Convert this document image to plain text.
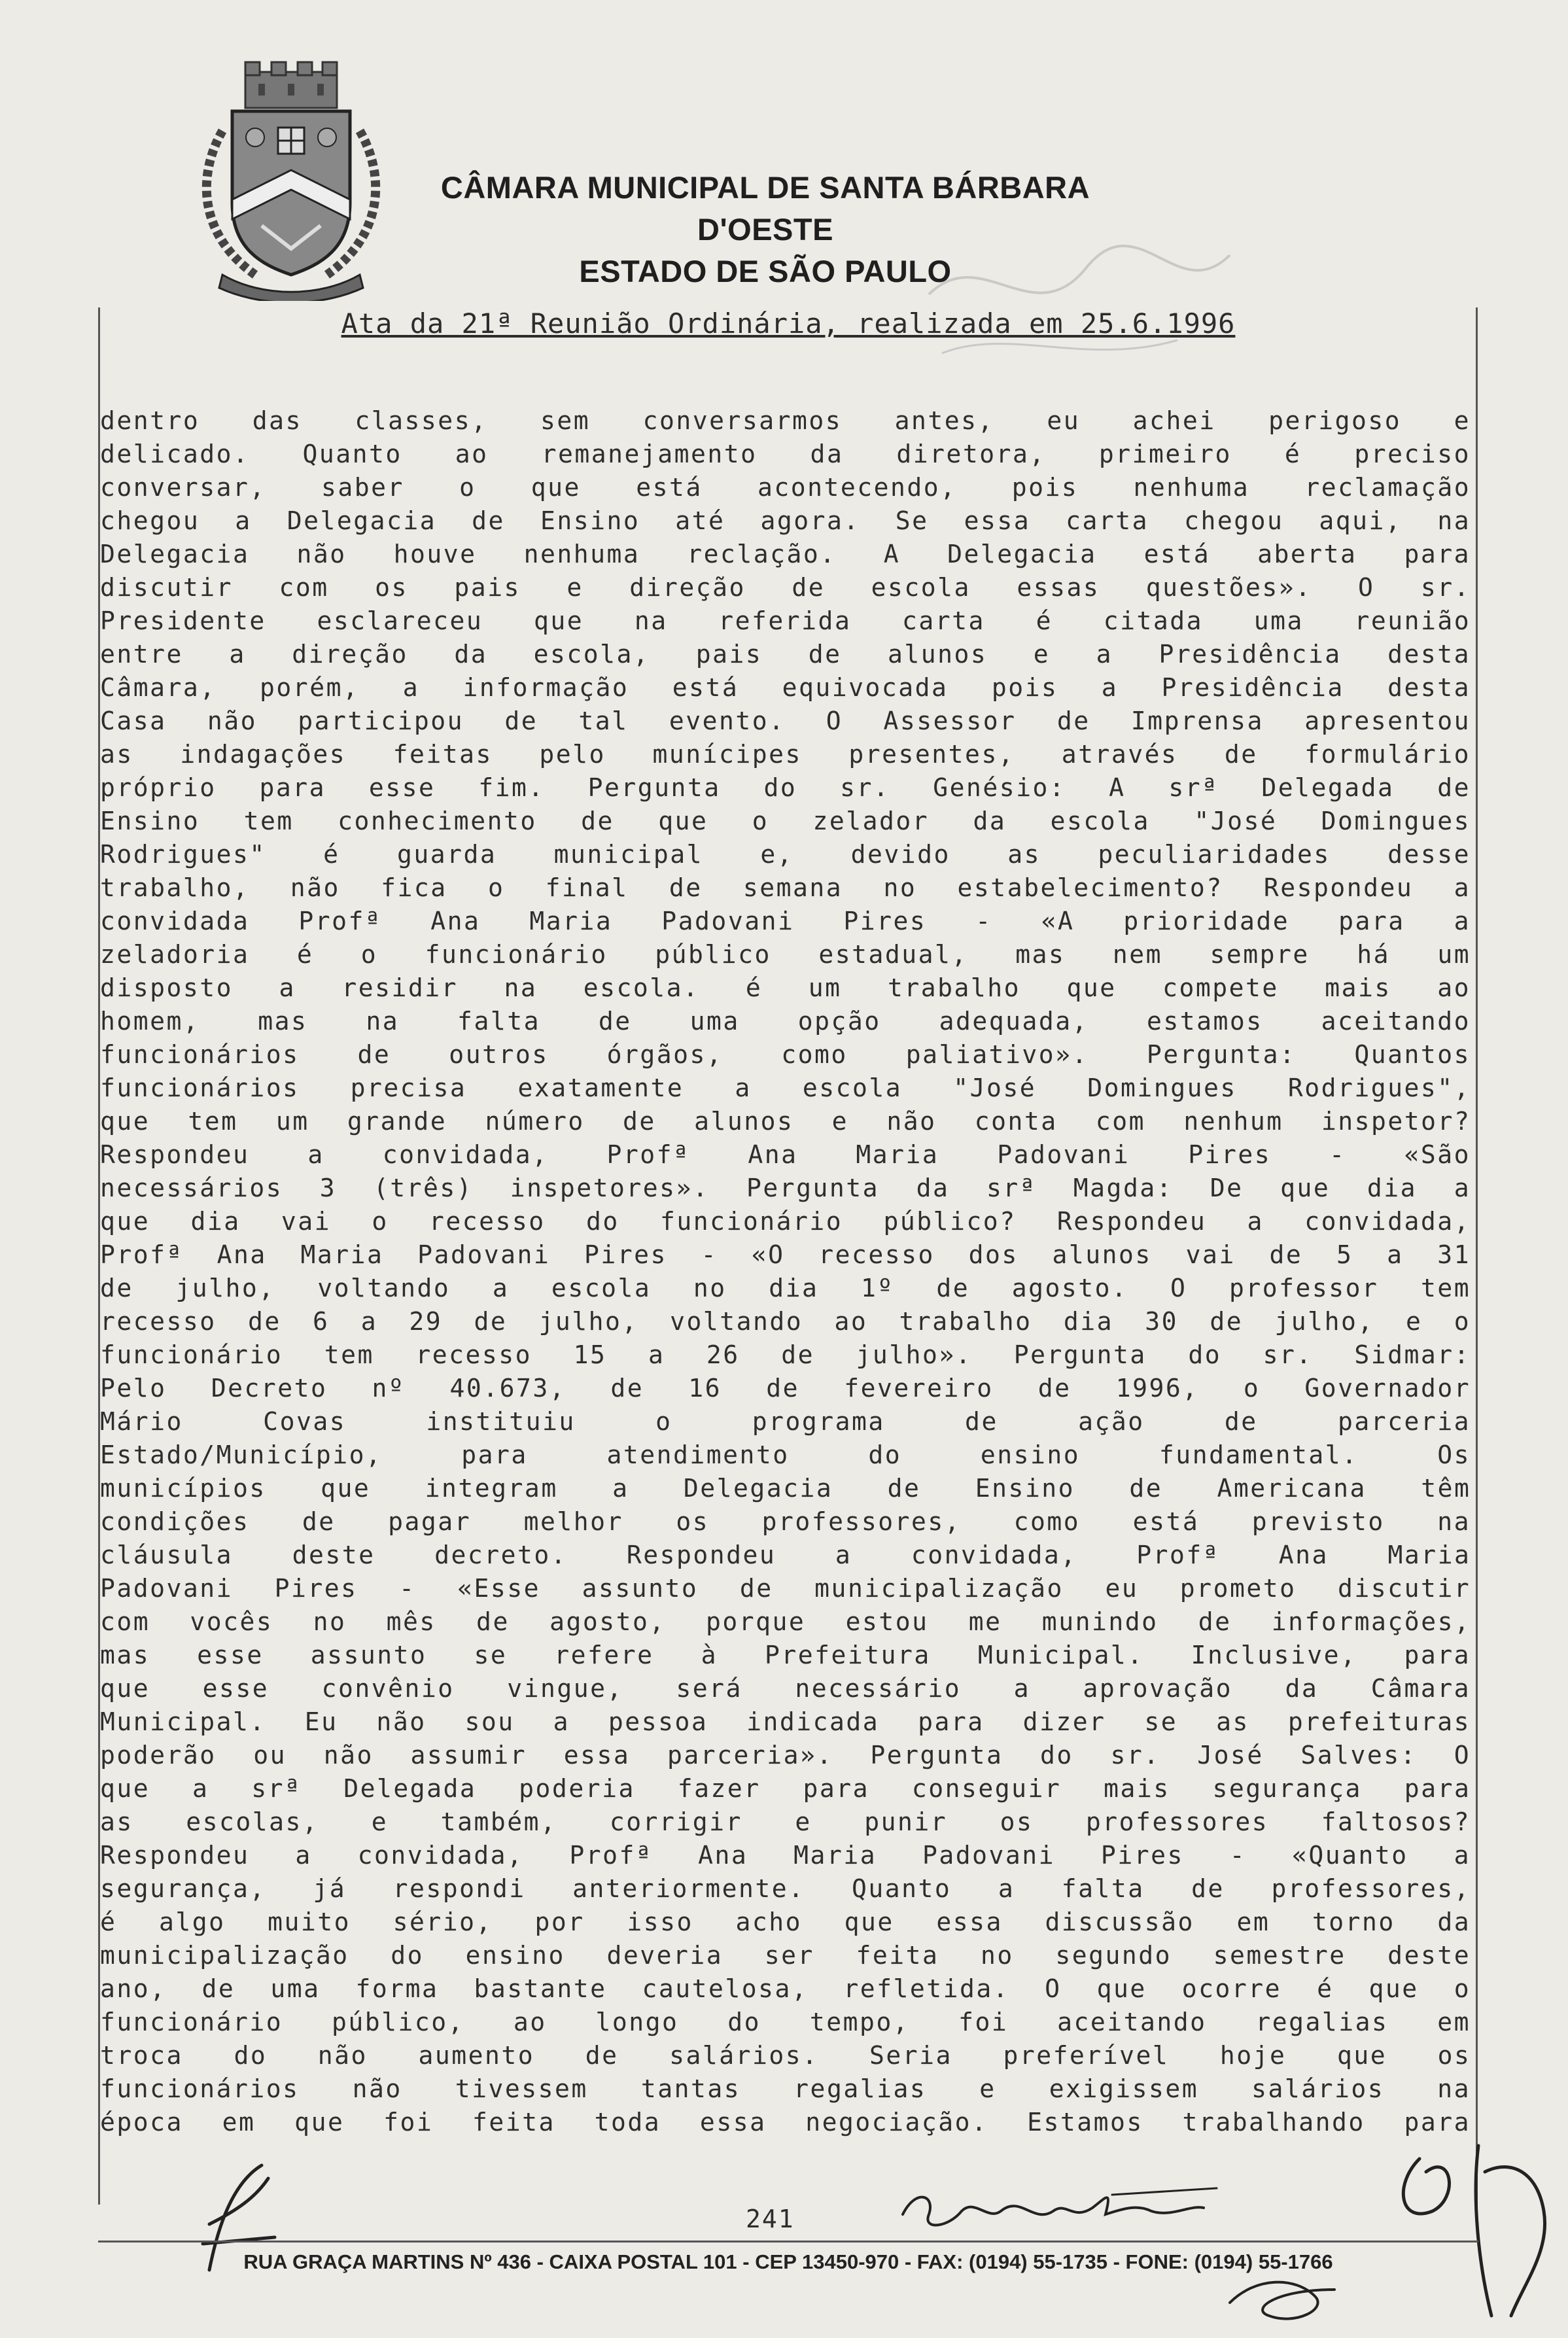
CÂMARA MUNICIPAL DE SANTA BÁRBARA D'OESTE
ESTADO DE SÃO PAULO
Ata da 21ª Reunião Ordinária, realizada em 25.6.1996
dentro das classes, sem conversarmos antes, eu achei perigoso e
delicado. Quanto ao remanejamento da diretora, primeiro é preciso
conversar, saber o que está acontecendo, pois nenhuma reclamação
chegou a Delegacia de Ensino até agora. Se essa carta chegou aqui, na
Delegacia não houve nenhuma reclação. A Delegacia está aberta para
discutir com os pais e direção de escola essas questões». O sr.
Presidente esclareceu que na referida carta é citada uma reunião
entre a direção da escola, pais de alunos e a Presidência desta
Câmara, porém, a informação está equivocada pois a Presidência desta
Casa não participou de tal evento. O Assessor de Imprensa apresentou
as indagações feitas pelo munícipes presentes, através de formulário
próprio para esse fim. Pergunta do sr. Genésio: A srª Delegada de
Ensino tem conhecimento de que o zelador da escola "José Domingues
Rodrigues" é guarda municipal e, devido as peculiaridades desse
trabalho, não fica o final de semana no estabelecimento? Respondeu a
convidada Profª Ana Maria Padovani Pires - «A prioridade para a
zeladoria é o funcionário público estadual, mas nem sempre há um
disposto a residir na escola. é um trabalho que compete mais ao
homem, mas na falta de uma opção adequada, estamos aceitando
funcionários de outros órgãos, como paliativo». Pergunta: Quantos
funcionários precisa exatamente a escola "José Domingues Rodrigues",
que tem um grande número de alunos e não conta com nenhum inspetor?
Respondeu a convidada, Profª Ana Maria Padovani Pires - «São
necessários 3 (três) inspetores». Pergunta da srª Magda: De que dia a
que dia vai o recesso do funcionário público? Respondeu a convidada,
Profª Ana Maria Padovani Pires - «O recesso dos alunos vai de 5 a 31
de julho, voltando a escola no dia 1º de agosto. O professor tem
recesso de 6 a 29 de julho, voltando ao trabalho dia 30 de julho, e o
funcionário tem recesso 15 a 26 de julho». Pergunta do sr. Sidmar:
Pelo Decreto nº 40.673, de 16 de fevereiro de 1996, o Governador
Mário Covas instituiu o programa de ação de parceria
Estado/Município, para atendimento do ensino fundamental. Os
municípios que integram a Delegacia de Ensino de Americana têm
condições de pagar melhor os professores, como está previsto na
cláusula deste decreto. Respondeu a convidada, Profª Ana Maria
Padovani Pires - «Esse assunto de municipalização eu prometo discutir
com vocês no mês de agosto, porque estou me munindo de informações,
mas esse assunto se refere à Prefeitura Municipal. Inclusive, para
que esse convênio vingue, será necessário a aprovação da Câmara
Municipal. Eu não sou a pessoa indicada para dizer se as prefeituras
poderão ou não assumir essa parceria». Pergunta do sr. José Salves: O
que a srª Delegada poderia fazer para conseguir mais segurança para
as escolas, e também, corrigir e punir os professores faltosos?
Respondeu a convidada, Profª Ana Maria Padovani Pires - «Quanto a
segurança, já respondi anteriormente. Quanto a falta de professores,
é algo muito sério, por isso acho que essa discussão em torno da
municipalização do ensino deveria ser feita no segundo semestre deste
ano, de uma forma bastante cautelosa, refletida. O que ocorre é que o
funcionário público, ao longo do tempo, foi aceitando regalias em
troca do não aumento de salários. Seria preferível hoje que os
funcionários não tivessem tantas regalias e exigissem salários na
época em que foi feita toda essa negociação. Estamos trabalhando para
241
RUA GRAÇA MARTINS Nº 436 - CAIXA POSTAL 101 - CEP 13450-970 - FAX: (0194) 55-1735 - FONE: (0194) 55-1766
